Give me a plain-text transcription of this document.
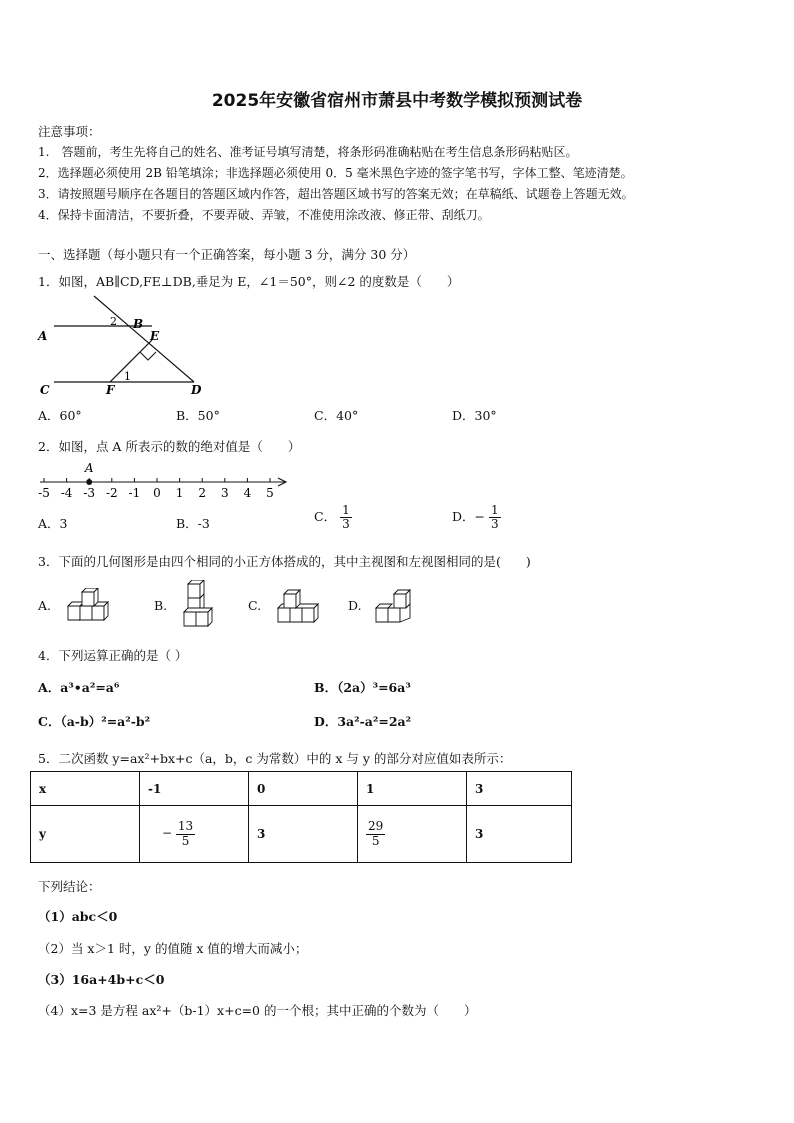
2025年安徽省宿州市萧县中考数学模拟预测试卷
注意事项：
1.　答题前，考生先将自己的姓名、准考证号填写清楚，将条形码准确粘贴在考生信息条形码粘贴区。
2．选择题必须使用 2B 铅笔填涂；非选择题必须使用 0．5 毫米黑色字迹的签字笔书写，字体工整、笔迹清楚。
3．请按照题号顺序在各题目的答题区域内作答，超出答题区域书写的答案无效；在草稿纸、试题卷上答题无效。
4．保持卡面清洁，不要折叠，不要弄破、弄皱，不准使用涂改液、修正带、刮纸刀。
一、选择题（每小题只有一个正确答案，每小题 3 分，满分 30 分）
1．如图，AB∥CD,FE⊥DB,垂足为 E，∠1＝50°，则∠2 的度数是（　　）
A
B
C	D
E
F
1
2
A．60°	B．50°	C．40°	D．30°
2．如图，点 A 所表示的数的绝对值是（　　）
-5 -4 -3 -2 -1 0 1 2 3 4 5
A
A．3	B．-3	C． $\frac{1}{3}$	D．− $\frac{1}{3}$
3．下面的几何图形是由四个相同的小正方体搭成的，其中主视图和左视图相同的是(　　)
A.	B.	C.	D.
4．下列运算正确的是（ ）
A．a³•a²=a⁶	B．（2a）³=6a³
C．（a-b）²=a²-b²	D．3a²-a²=2a²
5．二次函数 y=ax²+bx+c（a，b，c 为常数）中的 x 与 y 的部分对应值如表所示：
x	-1	0	1	3
y	− $\frac{13}{5}$	3	$\frac{29}{5}$	3
下列结论：
（1）abc＜0
（2）当 x＞1 时，y 的值随 x 值的增大而减小；
（3）16a+4b+c＜0
（4）x=3 是方程 ax²+（b-1）x+c=0 的一个根；其中正确的个数为（　　）
